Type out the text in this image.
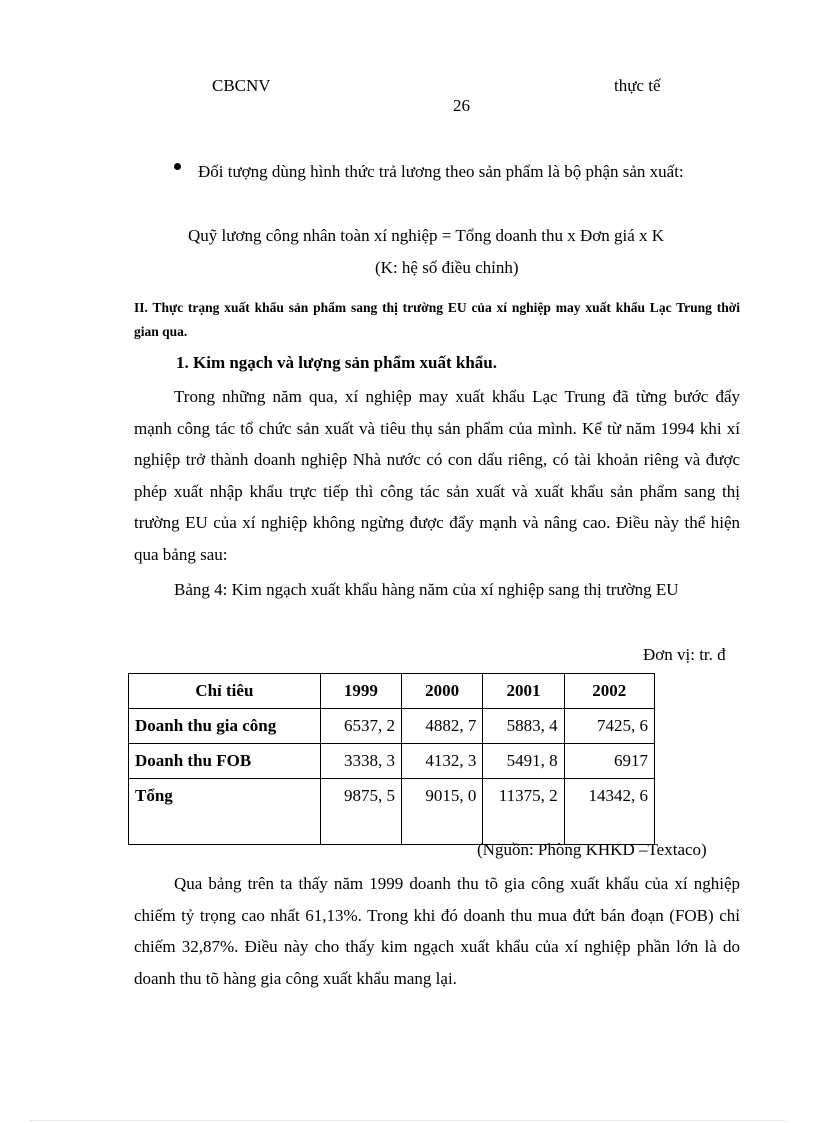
CBCNV	thực tế
26
Đối tượng dùng hình thức trả lương theo sản phẩm là bộ phận sản xuất:
Quỹ lương công nhân toàn xí nghiệp = Tổng doanh thu x Đơn giá x K
(K: hệ số điều chỉnh)
II. Thực trạng xuất khẩu sản phẩm sang thị trường EU của xí nghiệp may xuất khẩu Lạc Trung thời gian qua.
1. Kim ngạch và lượng sản phẩm xuất khẩu.
Trong những năm qua, xí nghiệp may xuất khẩu Lạc Trung đã từng bước đẩy mạnh công tác tổ chức sản xuất và tiêu thụ sản phẩm của mình. Kể từ năm 1994 khi xí nghiệp trở thành doanh nghiệp Nhà nước có con dấu riêng, có tài khoản riêng và được phép xuất nhập khẩu trực tiếp thì công tác sản xuất và xuất khẩu sản phẩm sang thị trường EU của xí nghiệp không ngừng được đẩy mạnh và nâng cao. Điều này thể hiện qua bảng sau:
Bảng 4: Kim ngạch xuất khẩu hàng năm của xí nghiệp sang thị trường EU
Đơn vị: tr. đ
Chỉ tiêu	1999	2000	2001	2002
Doanh thu gia công	6537, 2	4882, 7	5883, 4	7425, 6
Doanh thu FOB	3338, 3	4132, 3	5491, 8	6917
Tổng	9875, 5	9015, 0	11375, 2	14342, 6
(Nguồn: Phòng KHKD –Textaco)
Qua bảng trên ta thấy năm 1999 doanh thu tõ gia công xuất khẩu của xí nghiệp chiếm tỷ trọng cao nhất 61,13%. Trong khi đó doanh thu mua đứt bán đoạn (FOB) chỉ chiếm 32,87%. Điều này cho thấy kim ngạch xuất khẩu của xí nghiệp phần lớn là do doanh thu tõ hàng gia công xuất khẩu mang lại.
